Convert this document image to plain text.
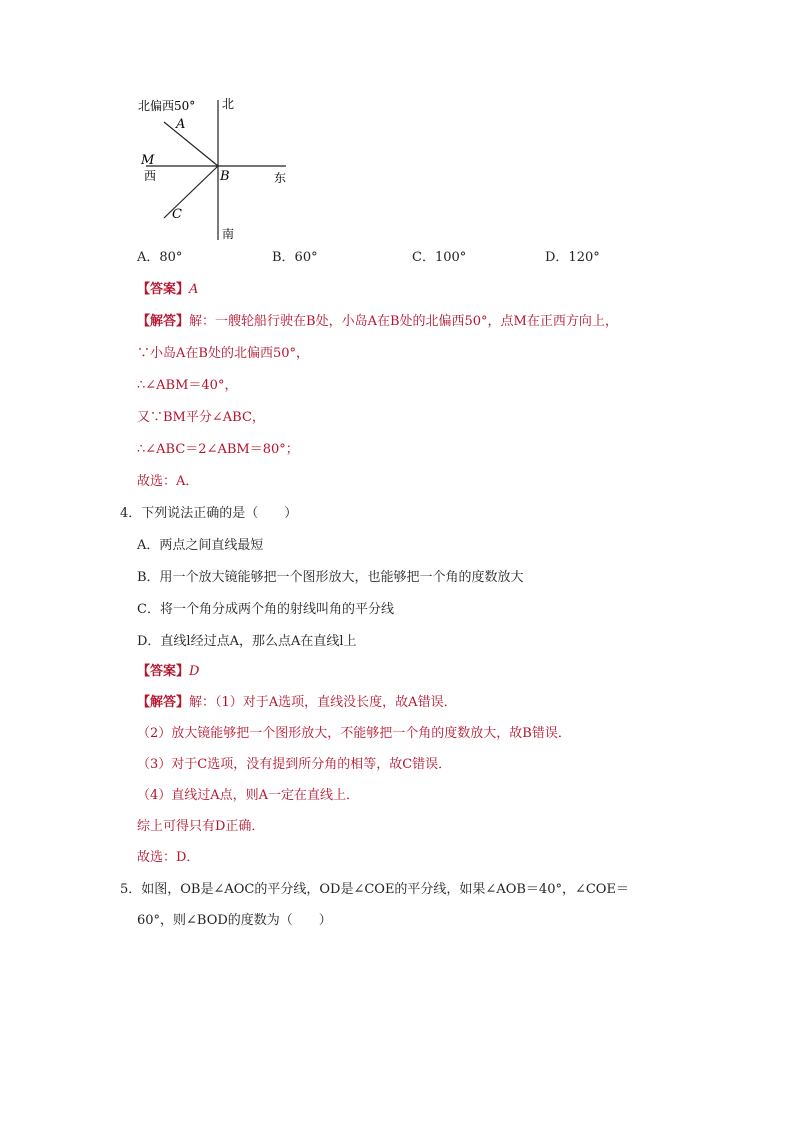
北偏西50° 北
A
M
西	B	东
C
南
A．80°	B．60°	C．100°	D．120°
【答案】A
【解答】解：一艘轮船行驶在B处，小岛A在B处的北偏西50°，点M在正西方向上，
∵小岛A在B处的北偏西50°，
∴∠ABM＝40°，
又∵BM平分∠ABC，
∴∠ABC＝2∠ABM＝80°；
故选：A．
4．下列说法正确的是（　　）
A．两点之间直线最短
B．用一个放大镜能够把一个图形放大，也能够把一个角的度数放大
C．将一个角分成两个角的射线叫角的平分线
D．直线l经过点A，那么点A在直线l上
【答案】D
【解答】解：（1）对于A选项，直线没长度，故A错误．
（2）放大镜能够把一个图形放大，不能够把一个角的度数放大，故B错误．
（3）对于C选项，没有提到所分角的相等，故C错误．
（4）直线过A点，则A一定在直线上．
综上可得只有D正确．
故选：D．
5．如图，OB是∠AOC的平分线，OD是∠COE的平分线，如果∠AOB＝40°，∠COE＝
60°，则∠BOD的度数为（　　）
